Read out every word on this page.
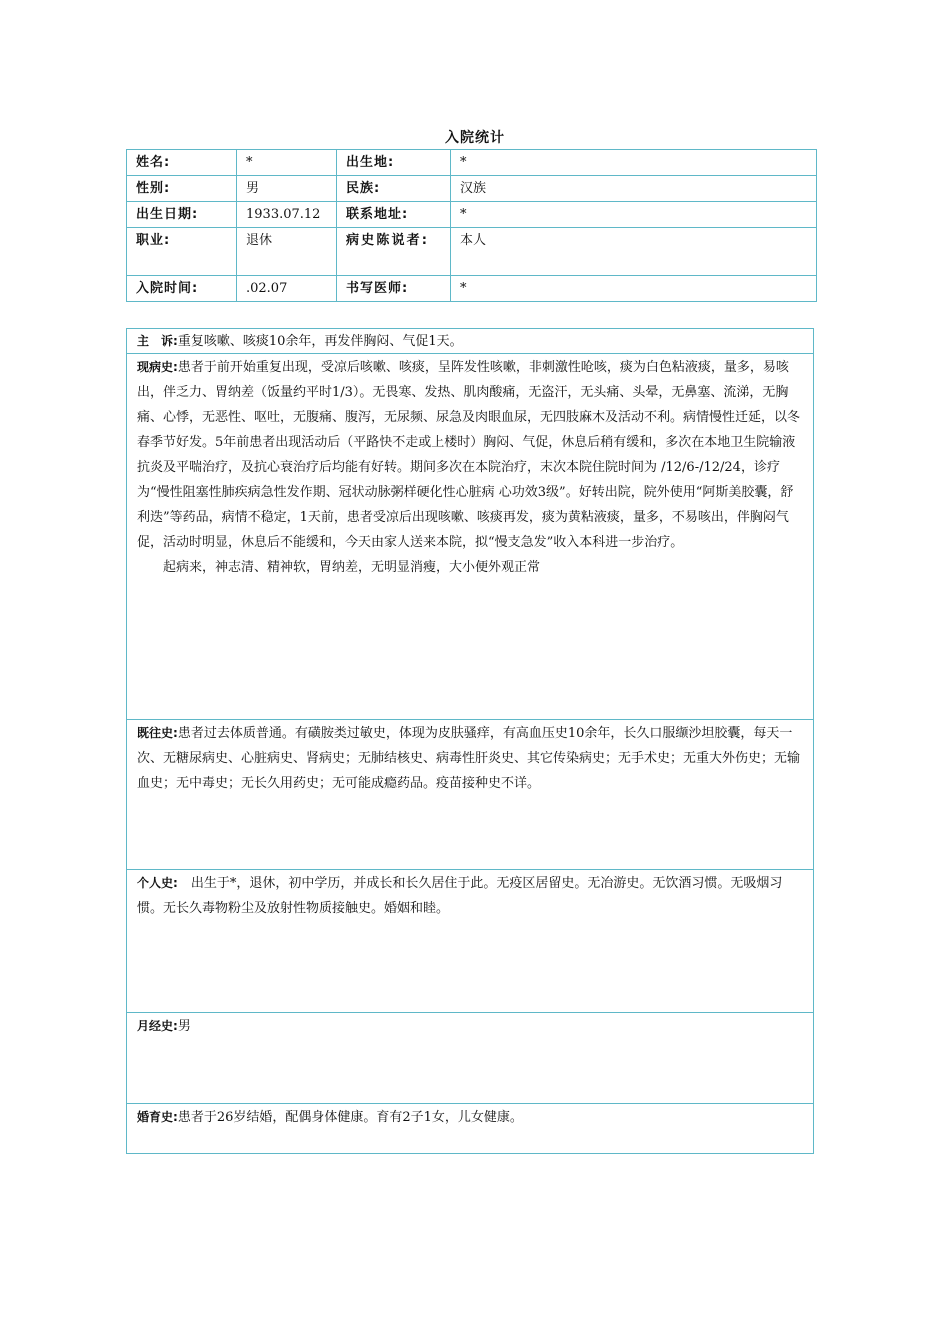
入院统计
姓名:	*	出生地:	*
性别:	男	民族:	汉族
出生日期:	1933.07.12	联系地址:	*
职业:	退休	病史陈说者:	本人
入院时间:	.02.07	书写医师:	*
主　诉:重复咳嗽、咳痰10余年，再发伴胸闷、气促1天。

现病史:患者于前开始重复出现，受凉后咳嗽、咳痰，呈阵发性咳嗽，非刺激性呛咳，痰为白色粘液痰，量多，易咳出，伴乏力、胃纳差（饭量约平时1/3）。无畏寒、发热、肌肉酸痛，无盗汗，无头痛、头晕，无鼻塞、流涕，无胸痛、心悸，无恶性、呕吐，无腹痛、腹泻，无尿频、尿急及肉眼血尿，无四肢麻木及活动不利。病情慢性迁延，以冬春季节好发。5年前患者出现活动后（平路快不走或上楼时）胸闷、气促，休息后稍有缓和，多次在本地卫生院输液抗炎及平喘治疗，及抗心衰治疗后均能有好转。期间多次在本院治疗，末次本院住院时间为 /12/6-/12/24，诊疗为“慢性阻塞性肺疾病急性发作期、冠状动脉粥样硬化性心脏病 心功效3级”。好转出院，院外使用“阿斯美胶囊，舒利迭”等药品，病情不稳定，1天前，患者受凉后出现咳嗽、咳痰再发，痰为黄粘液痰，量多，不易咳出，伴胸闷气促，活动时明显，休息后不能缓和，今天由家人送来本院，拟“慢支急发”收入本科进一步治疗。

起病来，神志清、精神软，胃纳差，无明显消瘦，大小便外观正常

既往史:患者过去体质普通。有磺胺类过敏史，体现为皮肤骚痒，有高血压史10余年，长久口服缬沙坦胶囊，每天一次、无糖尿病史、心脏病史、肾病史；无肺结核史、病毒性肝炎史、其它传染病史；无手术史；无重大外伤史；无输血史；无中毒史；无长久用药史；无可能成瘾药品。疫苗接种史不详。
个人史:　出生于*，退休，初中学历，并成长和长久居住于此。无疫区居留史。无冶游史。无饮酒习惯。无吸烟习惯。无长久毒物粉尘及放射性物质接触史。婚姻和睦。
月经史:男
婚育史:患者于26岁结婚，配偶身体健康。育有2子1女，儿女健康。
